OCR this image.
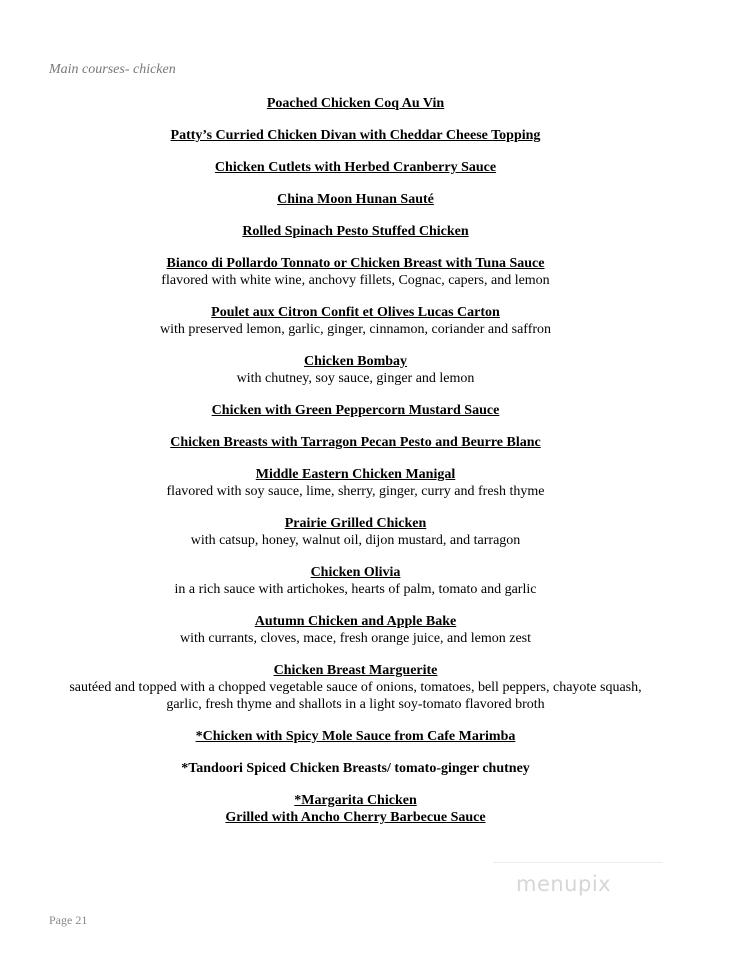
Main courses- chicken
Poached Chicken Coq Au Vin
Patty’s Curried Chicken Divan with Cheddar Cheese Topping
Chicken Cutlets with Herbed Cranberry Sauce
China Moon Hunan Sauté
Rolled Spinach Pesto Stuffed Chicken
Bianco di Pollardo Tonnato or Chicken Breast with Tuna Sauce
flavored with white wine, anchovy fillets, Cognac, capers, and lemon
Poulet aux Citron Confit et Olives Lucas Carton
with preserved lemon, garlic, ginger, cinnamon, coriander and saffron
Chicken Bombay
with chutney, soy sauce, ginger and lemon
Chicken with Green Peppercorn Mustard Sauce
Chicken Breasts with Tarragon Pecan Pesto and Beurre Blanc
Middle Eastern Chicken Manigal
flavored with soy sauce, lime, sherry, ginger, curry and fresh thyme
Prairie Grilled Chicken
with catsup, honey, walnut oil, dijon mustard, and tarragon
Chicken Olivia
in a rich sauce with artichokes, hearts of palm, tomato and garlic
Autumn Chicken and Apple Bake
with currants, cloves, mace, fresh orange juice, and lemon zest
Chicken Breast Marguerite
sautéed and topped with a chopped vegetable sauce of onions, tomatoes, bell peppers, chayote squash,
garlic, fresh thyme and shallots in a light soy-tomato flavored broth
*Chicken with Spicy Mole Sauce from Cafe Marimba
*Tandoori Spiced Chicken Breasts/ tomato-ginger chutney
*Margarita Chicken
Grilled with Ancho Cherry Barbecue Sauce
menupix
Page 21
